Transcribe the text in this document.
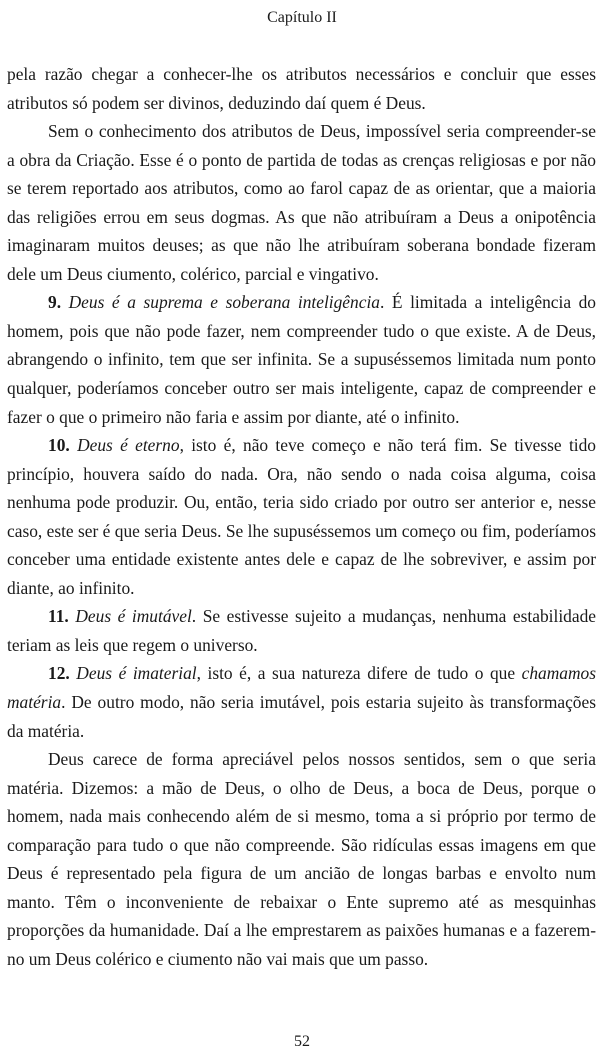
Capítulo II

pela razão chegar a conhecer-lhe os atributos necessários e concluir que esses atributos só podem ser divinos, deduzindo daí quem é Deus.

Sem o conhecimento dos atributos de Deus, impossível seria compreender-se a obra da Criação. Esse é o ponto de partida de todas as crenças religiosas e por não se terem reportado aos atributos, como ao farol capaz de as orientar, que a maioria das religiões errou em seus dogmas. As que não atribuíram a Deus a onipotência imaginaram muitos deuses; as que não lhe atribuíram soberana bondade fizeram dele um Deus ciumento, colérico, parcial e vingativo.

9. Deus é a suprema e soberana inteligência. É limitada a inteligência do homem, pois que não pode fazer, nem compreender tudo o que existe. A de Deus, abrangendo o infinito, tem que ser infinita. Se a supuséssemos limitada num ponto qualquer, poderíamos conceber outro ser mais inteligente, capaz de compreender e fazer o que o primeiro não faria e assim por diante, até o infinito.

10. Deus é eterno, isto é, não teve começo e não terá fim. Se tivesse tido princípio, houvera saído do nada. Ora, não sendo o nada coisa alguma, coisa nenhuma pode produzir. Ou, então, teria sido criado por outro ser anterior e, nesse caso, este ser é que seria Deus. Se lhe supuséssemos um começo ou fim, poderíamos conceber uma entidade existente antes dele e capaz de lhe sobreviver, e assim por diante, ao infinito.

11. Deus é imutável. Se estivesse sujeito a mudanças, nenhuma estabilidade teriam as leis que regem o universo.

12. Deus é imaterial, isto é, a sua natureza difere de tudo o que chamamos matéria. De outro modo, não seria imutável, pois estaria sujeito às transformações da matéria.

Deus carece de forma apreciável pelos nossos sentidos, sem o que seria matéria. Dizemos: a mão de Deus, o olho de Deus, a boca de Deus, porque o homem, nada mais conhecendo além de si mesmo, toma a si próprio por termo de comparação para tudo o que não compreende. São ridículas essas imagens em que Deus é representado pela figura de um ancião de longas barbas e envolto num manto. Têm o inconveniente de rebaixar o Ente supremo até as mesquinhas proporções da humanidade. Daí a lhe emprestarem as paixões humanas e a fazerem-no um Deus colérico e ciumento não vai mais que um passo.

52
